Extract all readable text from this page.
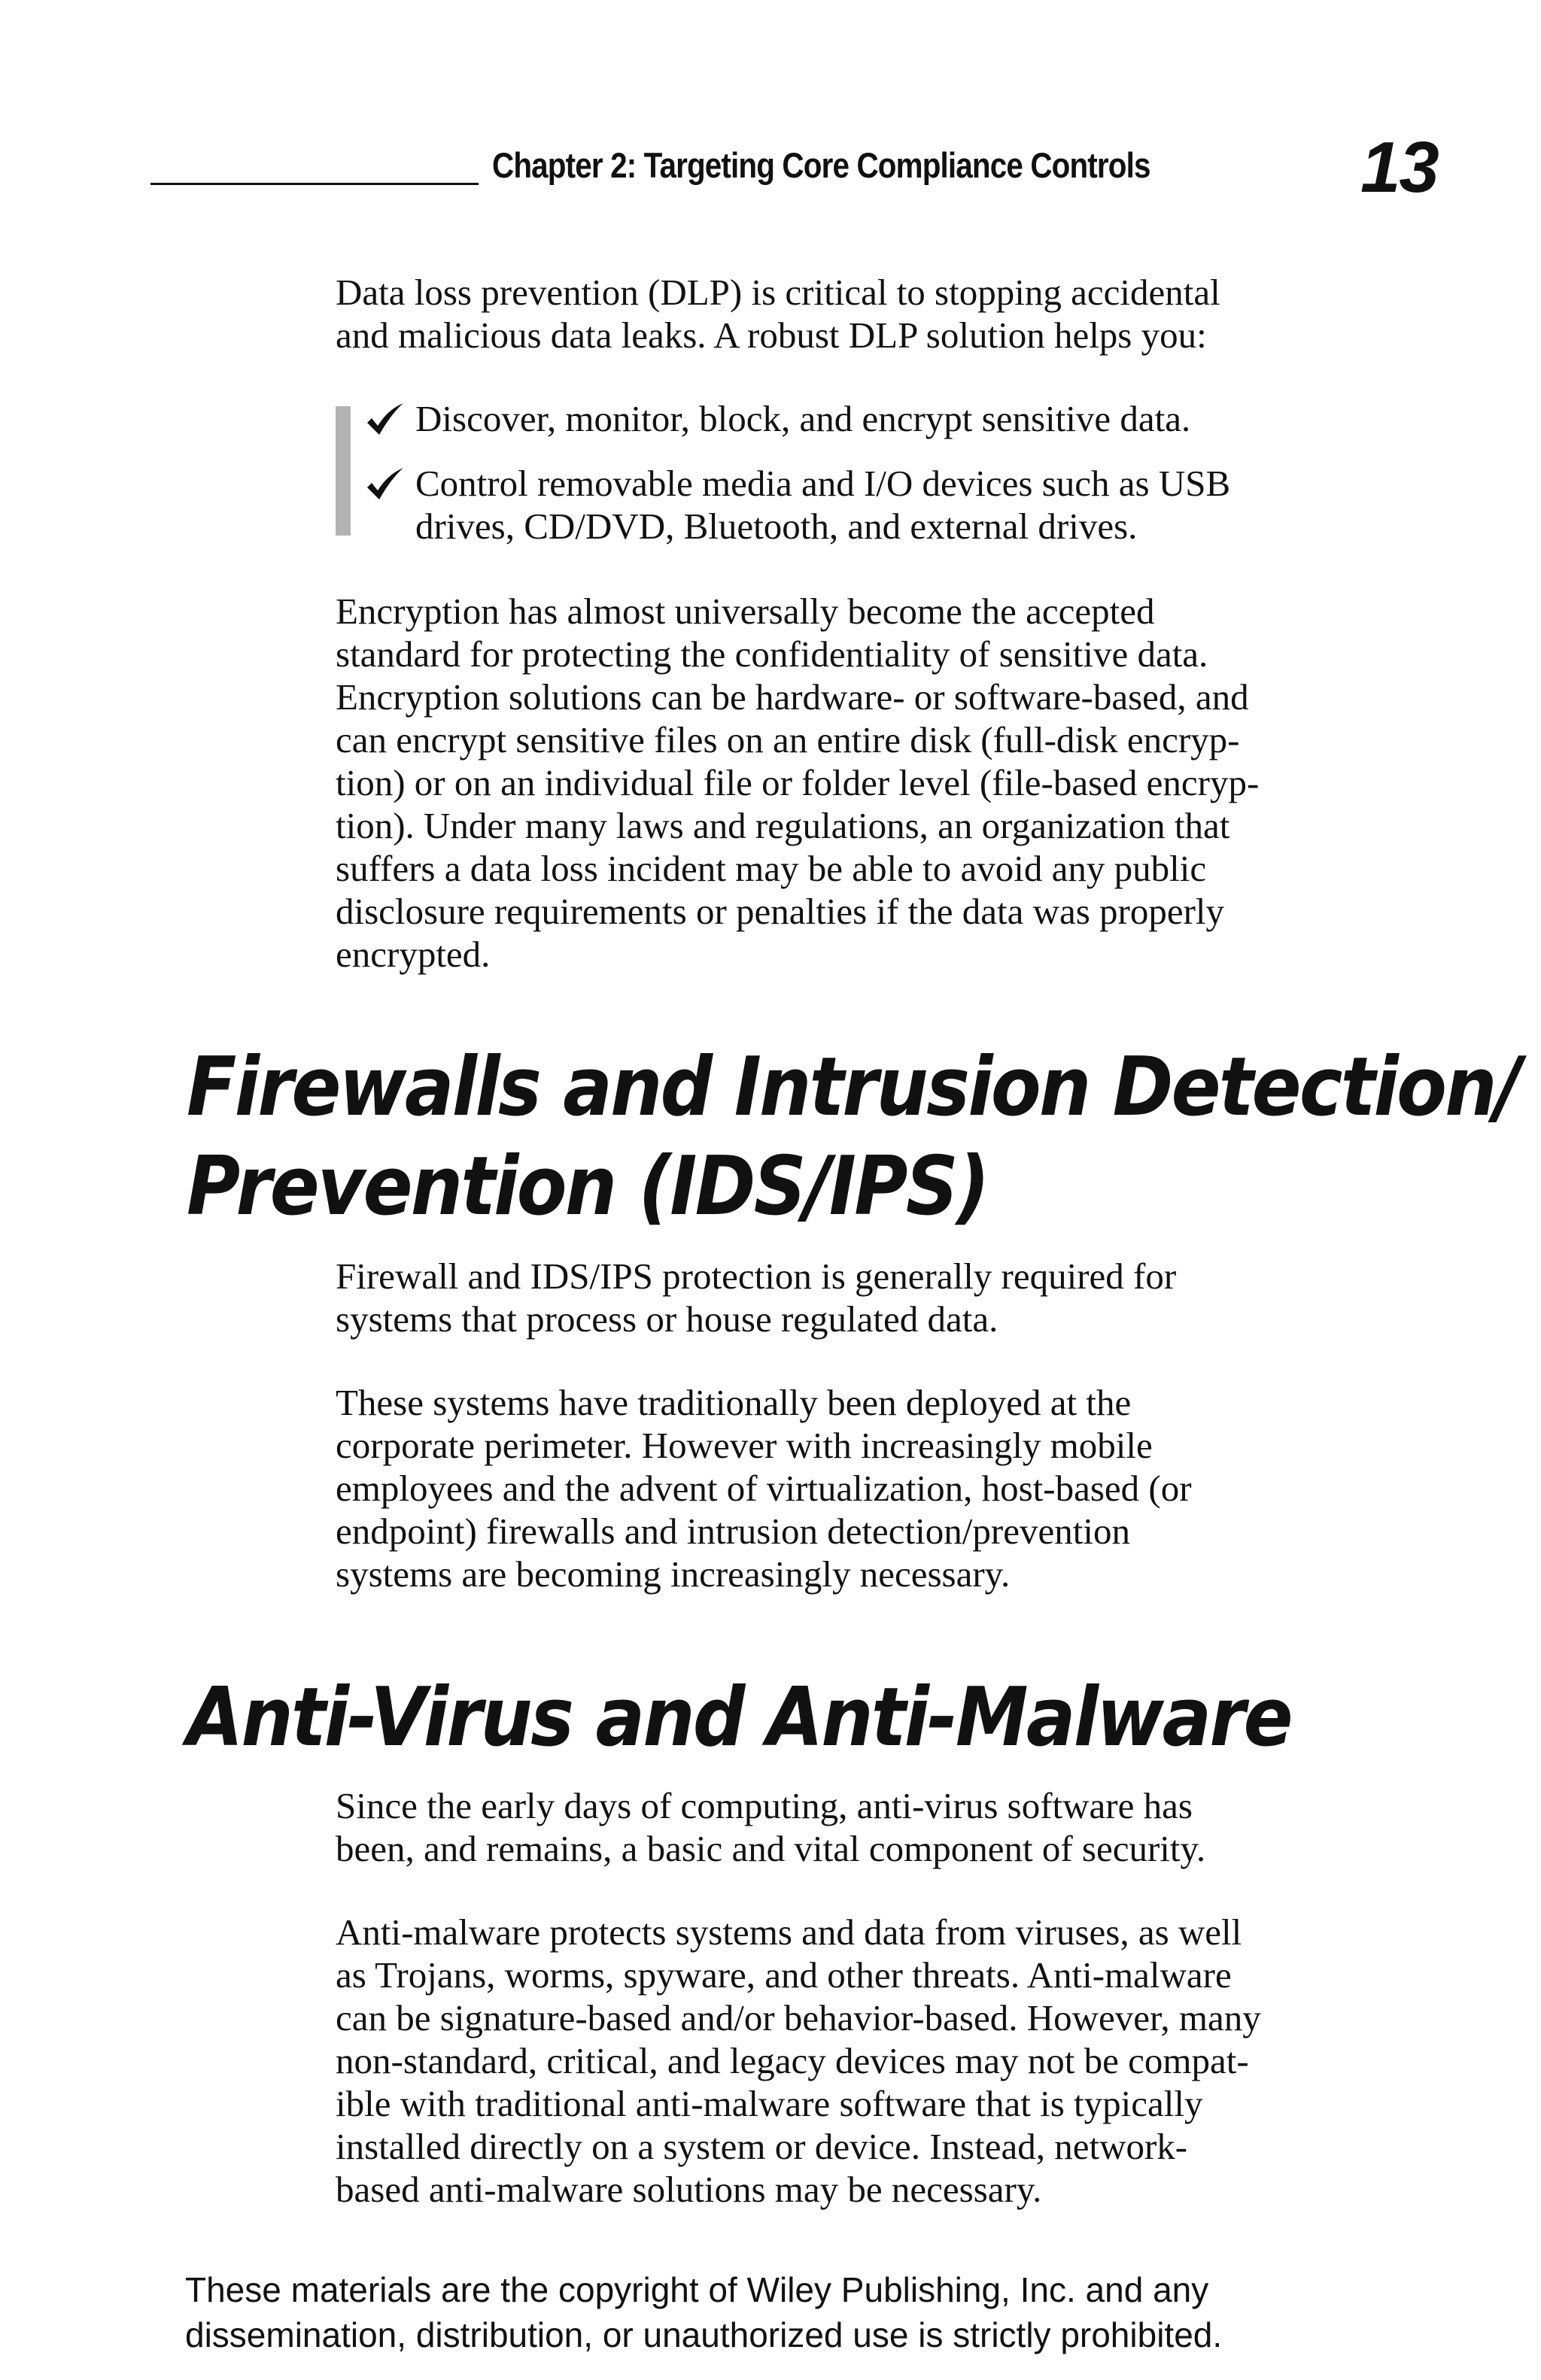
Chapter 2: Targeting Core Compliance Controls	13

Data loss prevention (DLP) is critical to stopping accidental
and malicious data leaks. A robust DLP solution helps you:

Discover, monitor, block, and encrypt sensitive data.
Control removable media and I/O devices such as USB
drives, CD/DVD, Bluetooth, and external drives.

Encryption has almost universally become the accepted
standard for protecting the confidentiality of sensitive data.
Encryption solutions can be hardware- or software-based, and
can encrypt sensitive files on an entire disk (full-disk encryp-
tion) or on an individual file or folder level (file-based encryp-
tion). Under many laws and regulations, an organization that
suffers a data loss incident may be able to avoid any public
disclosure requirements or penalties if the data was properly
encrypted.

Firewalls and Intrusion Detection/
Prevention (IDS/IPS)

Firewall and IDS/IPS protection is generally required for
systems that process or house regulated data.

These systems have traditionally been deployed at the
corporate perimeter. However with increasingly mobile
employees and the advent of virtualization, host-based (or
endpoint) firewalls and intrusion detection/prevention
systems are becoming increasingly necessary.

Anti-Virus and Anti-Malware

Since the early days of computing, anti-virus software has
been, and remains, a basic and vital component of security.

Anti-malware protects systems and data from viruses, as well
as Trojans, worms, spyware, and other threats. Anti-malware
can be signature-based and/or behavior-based. However, many
non-standard, critical, and legacy devices may not be compat-
ible with traditional anti-malware software that is typically
installed directly on a system or device. Instead, network-
based anti-malware solutions may be necessary.

These materials are the copyright of Wiley Publishing, Inc. and any
dissemination, distribution, or unauthorized use is strictly prohibited.
